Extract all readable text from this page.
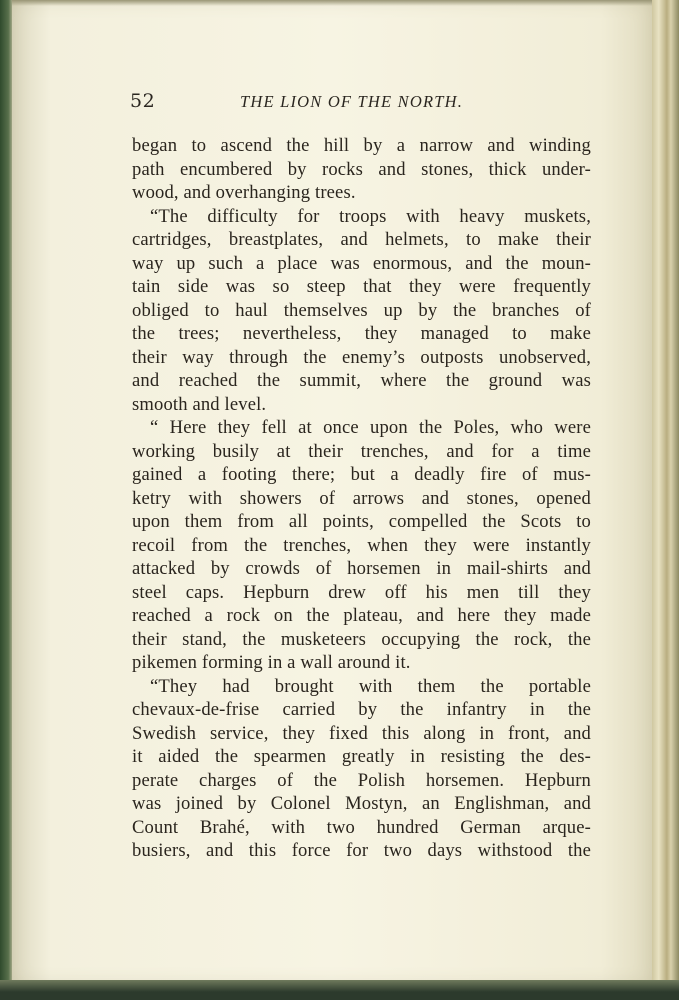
52	THE LION OF THE NORTH.
began to ascend the hill by a narrow and winding
path encumbered by rocks and stones, thick under-
wood, and overhanging trees.
“The difficulty for troops with heavy muskets,
cartridges, breastplates, and helmets, to make their
way up such a place was enormous, and the moun-
tain side was so steep that they were frequently
obliged to haul themselves up by the branches of
the trees; nevertheless, they managed to make
their way through the enemy’s outposts unobserved,
and reached the summit, where the ground was
smooth and level.
“ Here they fell at once upon the Poles, who were
working busily at their trenches, and for a time
gained a footing there; but a deadly fire of mus-
ketry with showers of arrows and stones, opened
upon them from all points, compelled the Scots to
recoil from the trenches, when they were instantly
attacked by crowds of horsemen in mail-shirts and
steel caps. Hepburn drew off his men till they
reached a rock on the plateau, and here they made
their stand, the musketeers occupying the rock, the
pikemen forming in a wall around it.
“They had brought with them the portable
chevaux-de-frise carried by the infantry in the
Swedish service, they fixed this along in front, and
it aided the spearmen greatly in resisting the des-
perate charges of the Polish horsemen. Hepburn
was joined by Colonel Mostyn, an Englishman, and
Count Brahé, with two hundred German arque-
busiers, and this force for two days withstood the
